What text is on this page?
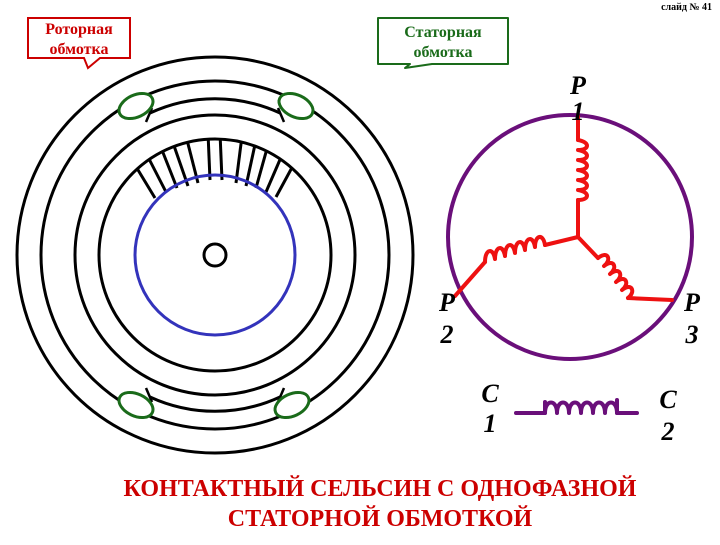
Роторная
обмотка
Статорная
обмотка
Р
1
Р
2
Р
3
С
1
С
2
слайд № 41
КОНТАКТНЫЙ СЕЛЬСИН С ОДНОФАЗНОЙ
СТАТОРНОЙ ОБМОТКОЙ
